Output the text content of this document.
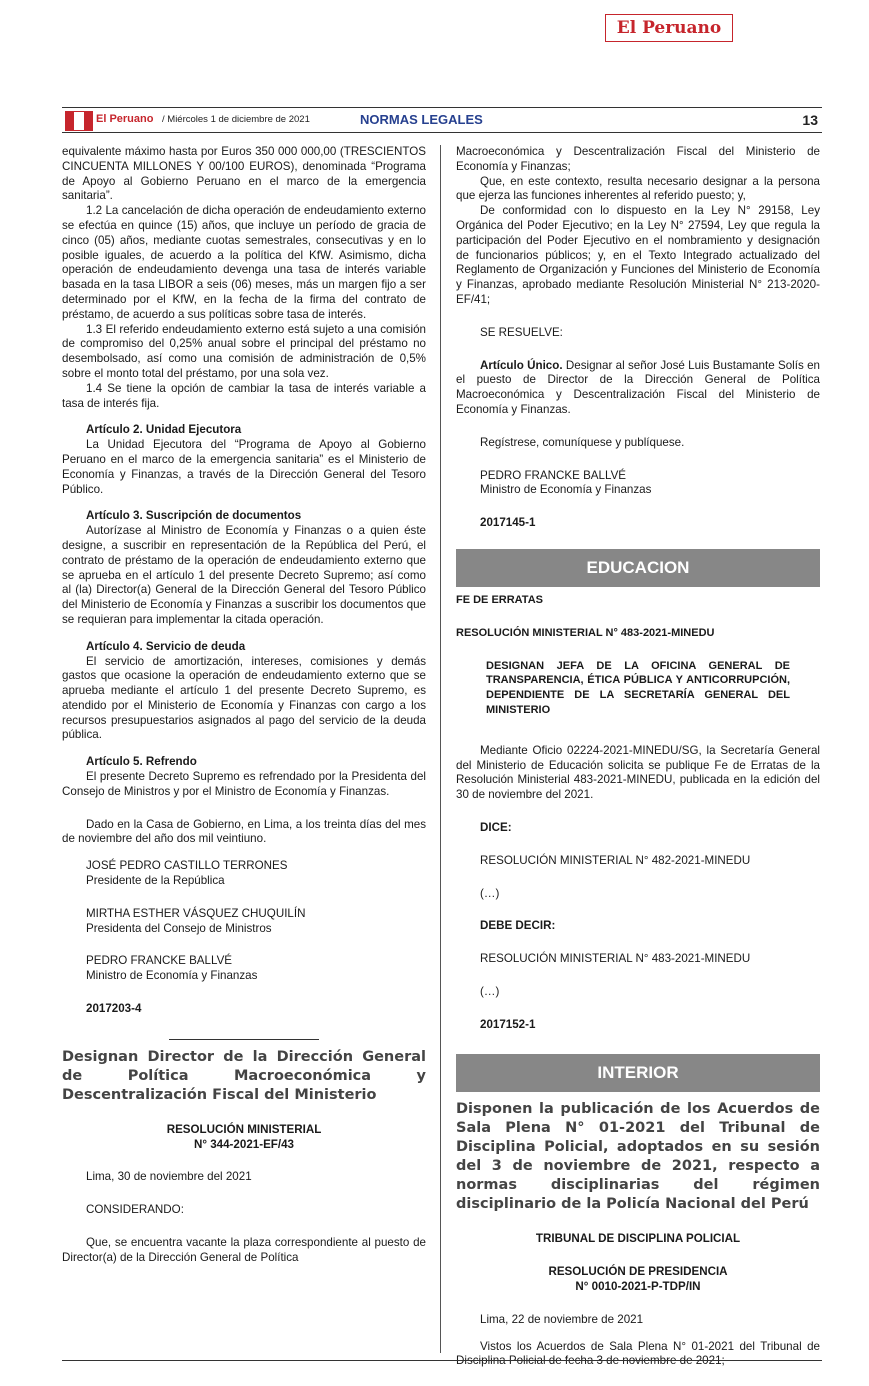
El Peruano
El Peruano / Miércoles 1 de diciembre de 2021	NORMAS LEGALES	13

equivalente máximo hasta por Euros 350 000 000,00 (TRESCIENTOS CINCUENTA MILLONES Y 00/100 EUROS), denominada “Programa de Apoyo al Gobierno Peruano en el marco de la emergencia sanitaria”.

1.2 La cancelación de dicha operación de endeudamiento externo se efectúa en quince (15) años, que incluye un período de gracia de cinco (05) años, mediante cuotas semestrales, consecutivas y en lo posible iguales, de acuerdo a la política del KfW. Asimismo, dicha operación de endeudamiento devenga una tasa de interés variable basada en la tasa LIBOR a seis (06) meses, más un margen fijo a ser determinado por el KfW, en la fecha de la firma del contrato de préstamo, de acuerdo a sus políticas sobre tasa de interés.

1.3 El referido endeudamiento externo está sujeto a una comisión de compromiso del 0,25% anual sobre el principal del préstamo no desembolsado, así como una comisión de administración de 0,5% sobre el monto total del préstamo, por una sola vez.

1.4 Se tiene la opción de cambiar la tasa de interés variable a tasa de interés fija.

Artículo 2. Unidad Ejecutora

La Unidad Ejecutora del “Programa de Apoyo al Gobierno Peruano en el marco de la emergencia sanitaria” es el Ministerio de Economía y Finanzas, a través de la Dirección General del Tesoro Público.

Artículo 3. Suscripción de documentos

Autorízase al Ministro de Economía y Finanzas o a quien éste designe, a suscribir en representación de la República del Perú, el contrato de préstamo de la operación de endeudamiento externo que se aprueba en el artículo 1 del presente Decreto Supremo; así como al (la) Director(a) General de la Dirección General del Tesoro Público del Ministerio de Economía y Finanzas a suscribir los documentos que se requieran para implementar la citada operación.

Artículo 4. Servicio de deuda

El servicio de amortización, intereses, comisiones y demás gastos que ocasione la operación de endeudamiento externo que se aprueba mediante el artículo 1 del presente Decreto Supremo, es atendido por el Ministerio de Economía y Finanzas con cargo a los recursos presupuestarios asignados al pago del servicio de la deuda pública.

Artículo 5. Refrendo

El presente Decreto Supremo es refrendado por la Presidenta del Consejo de Ministros y por el Ministro de Economía y Finanzas.

Dado en la Casa de Gobierno, en Lima, a los treinta días del mes de noviembre del año dos mil veintiuno.

JOSÉ PEDRO CASTILLO TERRONES

Presidente de la República

MIRTHA ESTHER VÁSQUEZ CHUQUILÍN

Presidenta del Consejo de Ministros

PEDRO FRANCKE BALLVÉ

Ministro de Economía y Finanzas

2017203-4

Designan Director de la Dirección General de Política Macroeconómica y Descentralización Fiscal del Ministerio

RESOLUCIÓN MINISTERIAL

N° 344-2021-EF/43

Lima, 30 de noviembre del 2021

CONSIDERANDO:

Que, se encuentra vacante la plaza correspondiente al puesto de Director(a) de la Dirección General de Política

Macroeconómica y Descentralización Fiscal del Ministerio de Economía y Finanzas;

Que, en este contexto, resulta necesario designar a la persona que ejerza las funciones inherentes al referido puesto; y,

De conformidad con lo dispuesto en la Ley N° 29158, Ley Orgánica del Poder Ejecutivo; en la Ley N° 27594, Ley que regula la participación del Poder Ejecutivo en el nombramiento y designación de funcionarios públicos; y, en el Texto Integrado actualizado del Reglamento de Organización y Funciones del Ministerio de Economía y Finanzas, aprobado mediante Resolución Ministerial N° 213-2020-EF/41;

SE RESUELVE:

Artículo Único. Designar al señor José Luis Bustamante Solís en el puesto de Director de la Dirección General de Política Macroeconómica y Descentralización Fiscal del Ministerio de Economía y Finanzas.

Regístrese, comuníquese y publíquese.

PEDRO FRANCKE BALLVÉ

Ministro de Economía y Finanzas

2017145-1

EDUCACION

FE DE ERRATAS

RESOLUCIÓN MINISTERIAL N° 483-2021-MINEDU

DESIGNAN JEFA DE LA OFICINA GENERAL DE TRANSPARENCIA, ÉTICA PÚBLICA Y ANTICORRUPCIÓN, DEPENDIENTE DE LA SECRETARÍA GENERAL DEL MINISTERIO

Mediante Oficio 02224-2021-MINEDU/SG, la Secretaría General del Ministerio de Educación solicita se publique Fe de Erratas de la Resolución Ministerial 483-2021-MINEDU, publicada en la edición del 30 de noviembre del 2021.

DICE:

RESOLUCIÓN MINISTERIAL N° 482-2021-MINEDU

(…)

DEBE DECIR:

RESOLUCIÓN MINISTERIAL N° 483-2021-MINEDU

(…)

2017152-1

INTERIOR

Disponen la publicación de los Acuerdos de Sala Plena N° 01-2021 del Tribunal de Disciplina Policial, adoptados en su sesión del 3 de noviembre de 2021, respecto a normas disciplinarias del régimen disciplinario de la Policía Nacional del Perú

TRIBUNAL DE DISCIPLINA POLICIAL

RESOLUCIÓN DE PRESIDENCIA

N° 0010-2021-P-TDP/IN

Lima, 22 de noviembre de 2021

Vistos los Acuerdos de Sala Plena N° 01-2021 del Tribunal de
